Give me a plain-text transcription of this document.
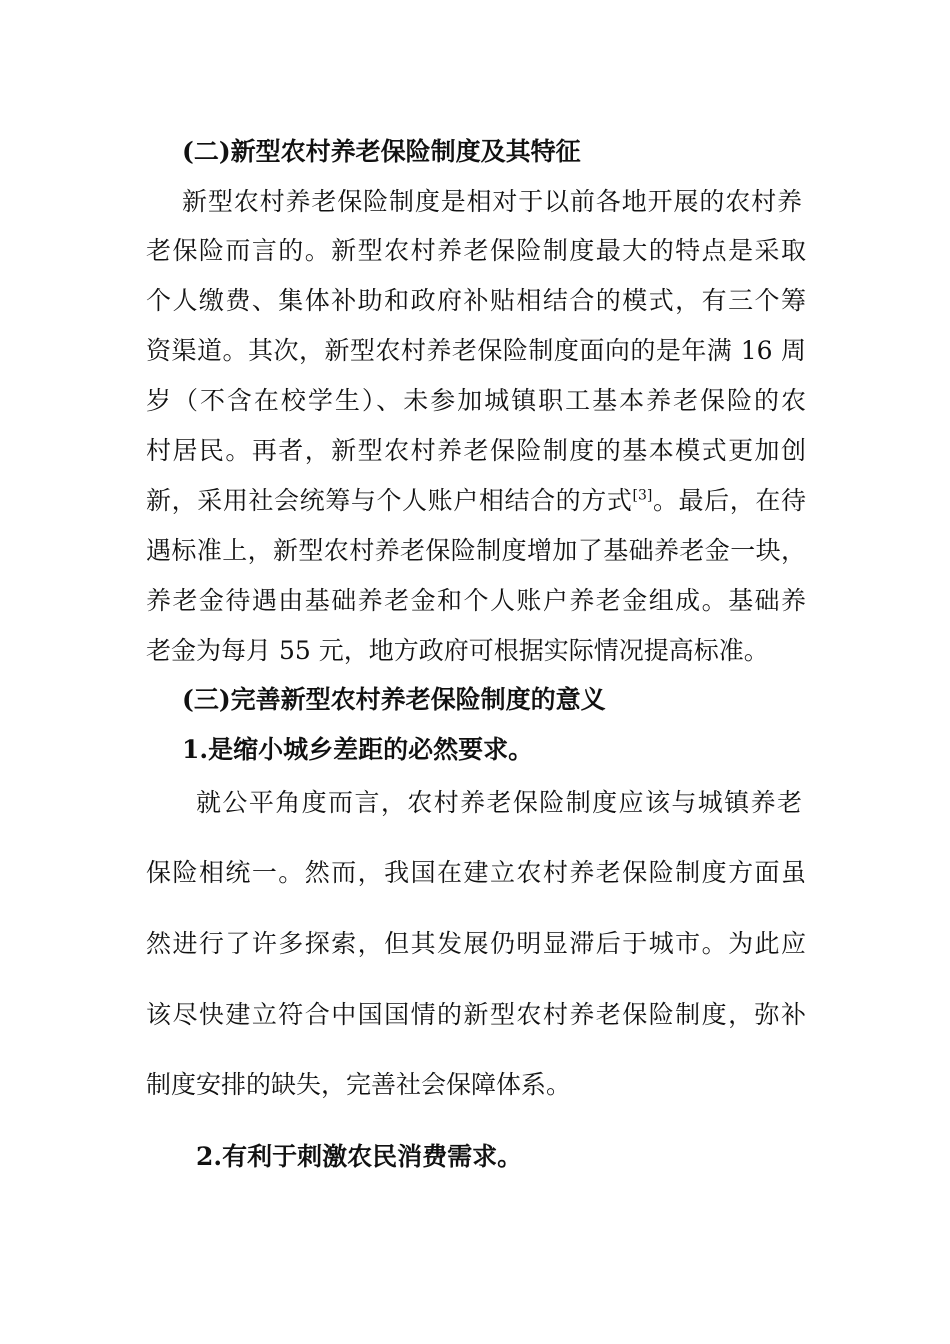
(二)新型农村养老保险制度及其特征

新型农村养老保险制度是相对于以前各地开展的农村养

老保险而言的。新型农村养老保险制度最大的特点是采取

个人缴费、集体补助和政府补贴相结合的模式，有三个筹

资渠道。其次，新型农村养老保险制度面向的是年满 16 周

岁（不含在校学生）、未参加城镇职工基本养老保险的农

村居民。再者，新型农村养老保险制度的基本模式更加创

新，采用社会统筹与个人账户相结合的方式[3]。最后，在待

遇标准上，新型农村养老保险制度增加了基础养老金一块，

养老金待遇由基础养老金和个人账户养老金组成。基础养

老金为每月 55 元，地方政府可根据实际情况提高标准。

(三)完善新型农村养老保险制度的意义

1.是缩小城乡差距的必然要求。

就公平角度而言，农村养老保险制度应该与城镇养老

保险相统一。然而，我国在建立农村养老保险制度方面虽

然进行了许多探索，但其发展仍明显滞后于城市。为此应

该尽快建立符合中国国情的新型农村养老保险制度，弥补

制度安排的缺失，完善社会保障体系。

2.有利于刺激农民消费需求。
